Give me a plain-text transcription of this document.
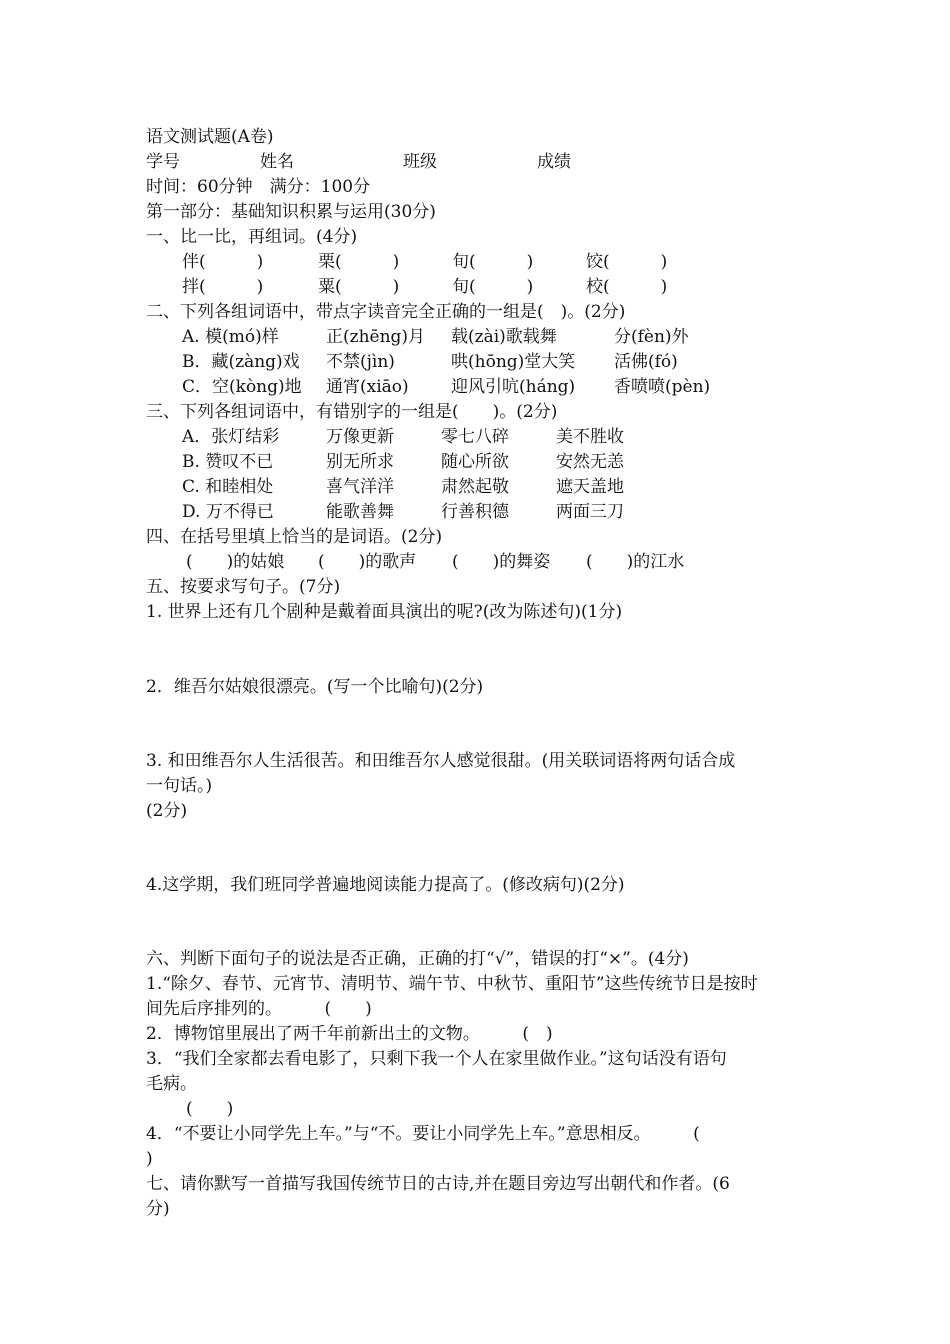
语文测试题(A卷)
学号	姓名	班级	成绩
时间：60分钟　满分：100分
第一部分：基础知识积累与运用(30分)
一、比一比，再组词。(4分)
伴(　　　)	栗(　　　)	旬(　　　)	饺(　　　)
拌(　　　)	粟(　　　)	旬(　　　)	校(　　　)
二、下列各组词语中，带点字读音完全正确的一组是(　)。(2分)
A. 模(mó)样	正(zhēng)月 载(zài)歌载舞	分(fèn)外
B．藏(zàng)戏 不禁(jìn)	哄(hōng)堂大笑 活佛(fó)
C．空(kòng)地 通宵(xiāo) 迎风引吭(háng) 香喷喷(pèn)
三、下列各组词语中，有错别字的一组是(　　)。(2分)
A．张灯结彩	万像更新	零七八碎	美不胜收
B. 赞叹不已	别无所求	随心所欲	安然无恙
C. 和睦相处	喜气洋洋	肃然起敬	遮天盖地
D. 万不得已	能歌善舞	行善积德	两面三刀
四、在括号里填上恰当的是词语。(2分)
(　　)的姑娘 (　　)的歌声 (　　)的舞姿 (　　)的江水
五、按要求写句子。(7分)
1. 世界上还有几个剧种是戴着面具演出的呢?(改为陈述句)(1分)
2．维吾尔姑娘很漂亮。(写一个比喻句)(2分)
3. 和田维吾尔人生活很苦。和田维吾尔人感觉很甜。(用关联词语将两句话合成
一句话。)
(2分)
4.这学期，我们班同学普遍地阅读能力提高了。(修改病句)(2分)
六、判断下面句子的说法是否正确，正确的打“√”，错误的打“×”。(4分)
1.“除夕、春节、元宵节、清明节、端午节、中秋节、重阳节”这些传统节日是按时
间先后序排列的。　　　(　　)
2．博物馆里展出了两千年前新出土的文物。　　　(　)
3．“我们全家都去看电影了，只剩下我一个人在家里做作业。”这句话没有语句
毛病。
(　　)
4．“不要让小同学先上车。”与“不。要让小同学先上车。”意思相反。　　　(
)
七、请你默写一首描写我国传统节日的古诗,并在题目旁边写出朝代和作者。(6
分)
